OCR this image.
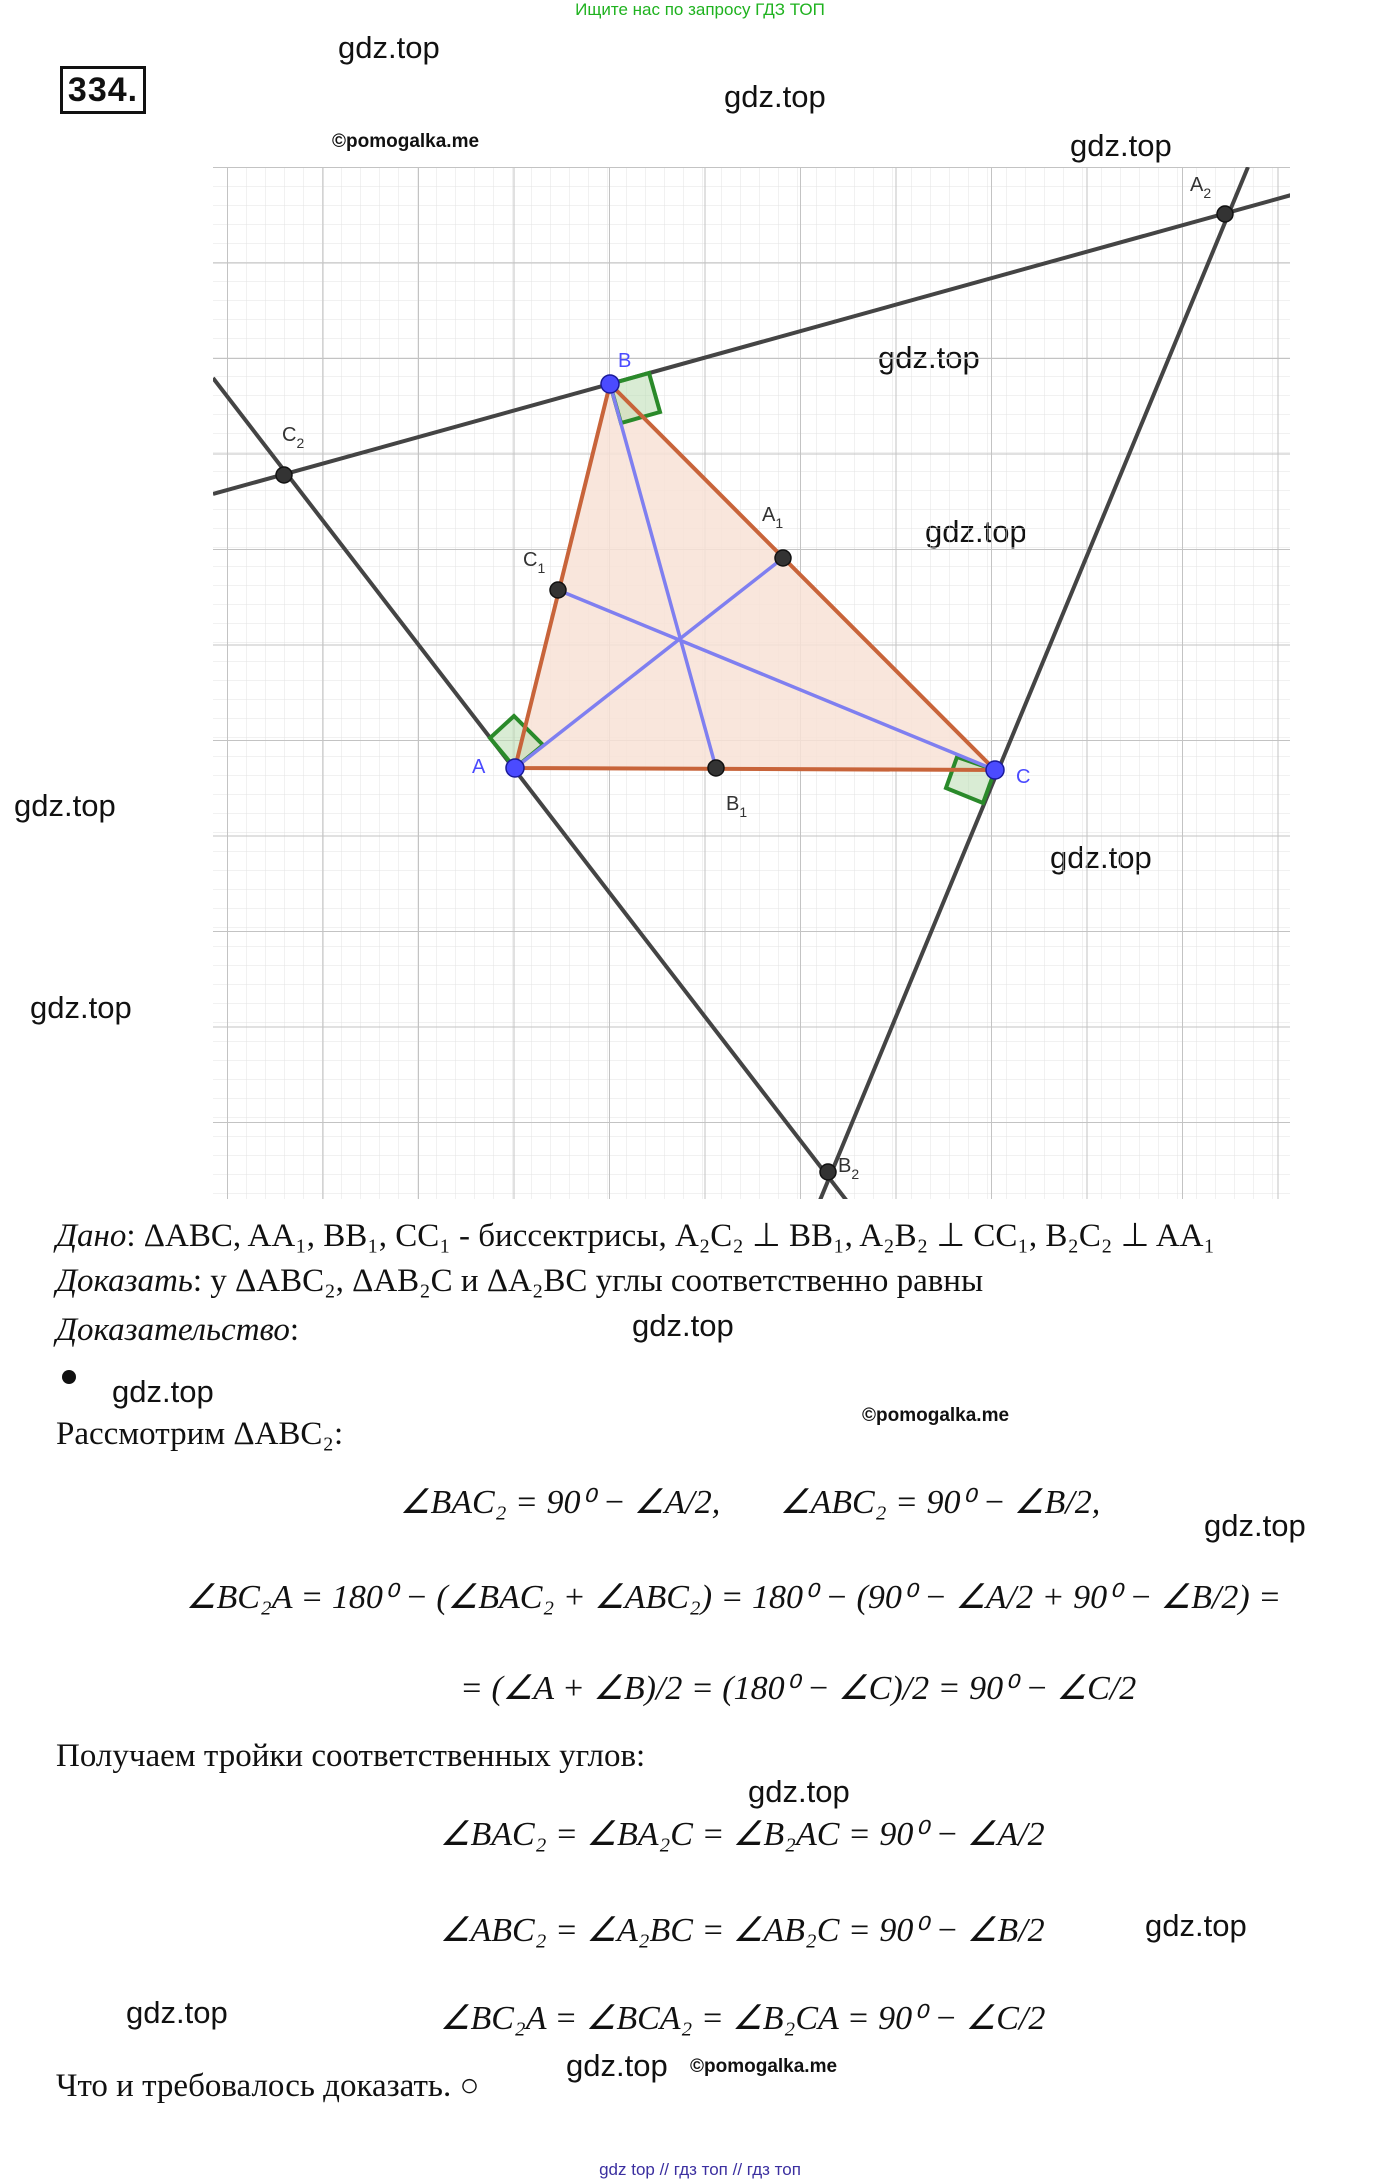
Ищите нас по запросу ГДЗ ТОП
334.
gdz.top
gdz.top
gdz.top
©pomogalka.me
gdz.top
gdz.top
A
B
C
$A_1$
$B_1$
$C_1$
$A_2$
$B_2$
$C_2$
Дано: ΔABC, AA₁, BB₁, CC₁ - биссектрисы, A₂C₂ ⊥ BB₁, A₂B₂ ⊥ CC₁, B₂C₂ ⊥ AA₁
Доказать: у ΔABC₂, ΔAB₂C и ΔA₂BC углы соответственно равны
gdz.top
Доказательство:
gdz.top
©pomogalka.me
Рассмотрим ΔABC₂:
∠BAC₂ = 90⁰ − ∠A/2, ∠ABC₂ = 90⁰ − ∠B/2,
gdz.top
∠BC₂A = 180⁰ − (∠BAC₂ + ∠ABC₂) = 180⁰ − (90⁰ − ∠A/2 + 90⁰ − ∠B/2) =
= (∠A + ∠B)/2 = (180⁰ − ∠C)/2 = 90⁰ − ∠C/2
Получаем тройки соответственных углов:
gdz.top
∠BAC₂ = ∠BA₂C = ∠B₂AC = 90⁰ − ∠A/2
∠ABC₂ = ∠A₂BC = ∠AB₂C = 90⁰ − ∠B/2	gdz.top
gdz.top	∠BC₂A = ∠BCA₂ = ∠B₂CA = 90⁰ − ∠C/2
gdz.top ©pomogalka.me
Что и требовалось доказать. ○
gdz top // гдз топ // гдз топ
